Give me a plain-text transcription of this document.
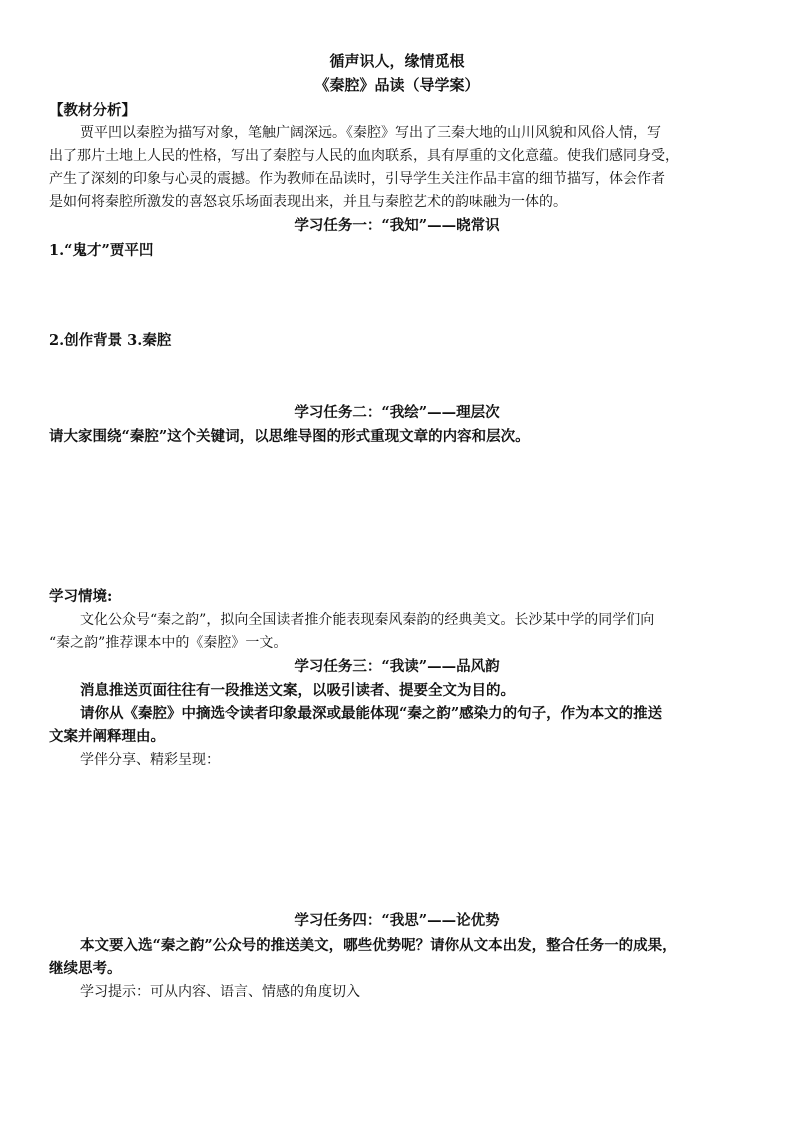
循声识人，缘情觅根
《秦腔》品读（导学案）
【教材分析】
贾平凹以秦腔为描写对象，笔触广阔深远。《秦腔》写出了三秦大地的山川风貌和风俗人情，写
出了那片土地上人民的性格，写出了秦腔与人民的血肉联系，具有厚重的文化意蕴。使我们感同身受，
产生了深刻的印象与心灵的震撼。作为教师在品读时，引导学生关注作品丰富的细节描写，体会作者
是如何将秦腔所激发的喜怒哀乐场面表现出来，并且与秦腔艺术的韵味融为一体的。
学习任务一：“我知”——晓常识
1.“鬼才”贾平凹
2.创作背景 3.秦腔
学习任务二：“我绘”——理层次
请大家围绕“秦腔”这个关键词，以思维导图的形式重现文章的内容和层次。
学习情境:
文化公众号“秦之韵”，拟向全国读者推介能表现秦风秦韵的经典美文。长沙某中学的同学们向
“秦之韵”推荐课本中的《秦腔》一文。
学习任务三：“我读”——品风韵
消息推送页面往往有一段推送文案，以吸引读者、提要全文为目的。
请你从《秦腔》中摘选令读者印象最深或最能体现“秦之韵”感染力的句子，作为本文的推送
文案并阐释理由。
学伴分享、精彩呈现：
学习任务四：“我思”——论优势
本文要入选“秦之韵”公众号的推送美文，哪些优势呢？请你从文本出发，整合任务一的成果，
继续思考。
学习提示：可从内容、语言、情感的角度切入
